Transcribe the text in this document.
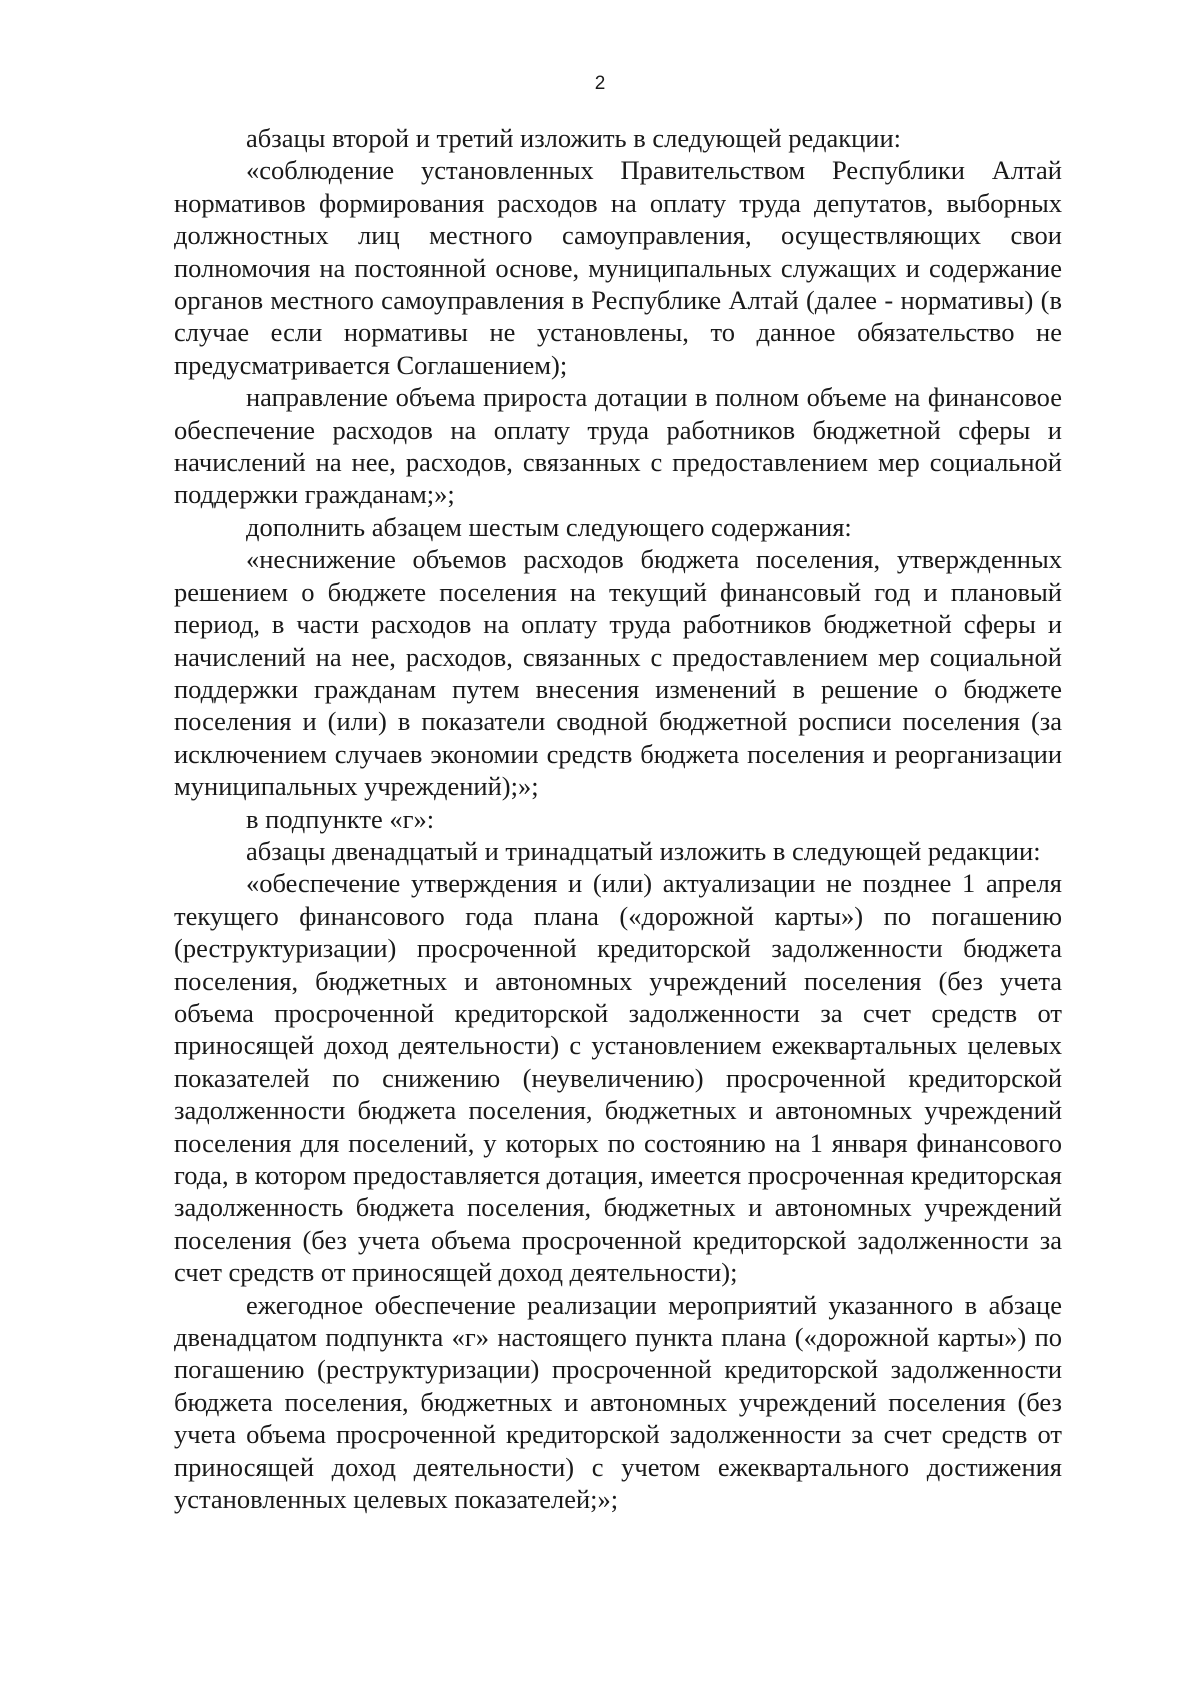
2

абзацы второй и третий изложить в следующей редакции:

«соблюдение установленных Правительством Республики Алтай нормативов формирования расходов на оплату труда депутатов, выборных должностных лиц местного самоуправления, осуществляющих свои полномочия на постоянной основе, муниципальных служащих и содержание органов местного самоуправления в Республике Алтай (далее - нормативы) (в случае если нормативы не установлены, то данное обязательство не предусматривается Соглашением);

направление объема прироста дотации в полном объеме на финансовое обеспечение расходов на оплату труда работников бюджетной сферы и начислений на нее, расходов, связанных с предоставлением мер социальной поддержки гражданам;»;

дополнить абзацем шестым следующего содержания:

«неснижение объемов расходов бюджета поселения, утвержденных решением о бюджете поселения на текущий финансовый год и плановый период, в части расходов на оплату труда работников бюджетной сферы и начислений на нее, расходов, связанных с предоставлением мер социальной поддержки гражданам путем внесения изменений в решение о бюджете поселения и (или) в показатели сводной бюджетной росписи поселения (за исключением случаев экономии средств бюджета поселения и реорганизации муниципальных учреждений);»;

в подпункте «г»:

абзацы двенадцатый и тринадцатый изложить в следующей редакции:

«обеспечение утверждения и (или) актуализации не позднее 1 апреля текущего финансового года плана («дорожной карты») по погашению (реструктуризации) просроченной кредиторской задолженности бюджета поселения, бюджетных и автономных учреждений поселения (без учета объема просроченной кредиторской задолженности за счет средств от приносящей доход деятельности) с установлением ежеквартальных целевых показателей по снижению (неувеличению) просроченной кредиторской задолженности бюджета поселения, бюджетных и автономных учреждений поселения для поселений, у которых по состоянию на 1 января финансового года, в котором предоставляется дотация, имеется просроченная кредиторская задолженность бюджета поселения, бюджетных и автономных учреждений поселения (без учета объема просроченной кредиторской задолженности за счет средств от приносящей доход деятельности);

ежегодное обеспечение реализации мероприятий указанного в абзаце двенадцатом подпункта «г» настоящего пункта плана («дорожной карты») по погашению (реструктуризации) просроченной кредиторской задолженности бюджета поселения, бюджетных и автономных учреждений поселения (без учета объема просроченной кредиторской задолженности за счет средств от приносящей доход деятельности) с учетом ежеквартального достижения установленных целевых показателей;»;
